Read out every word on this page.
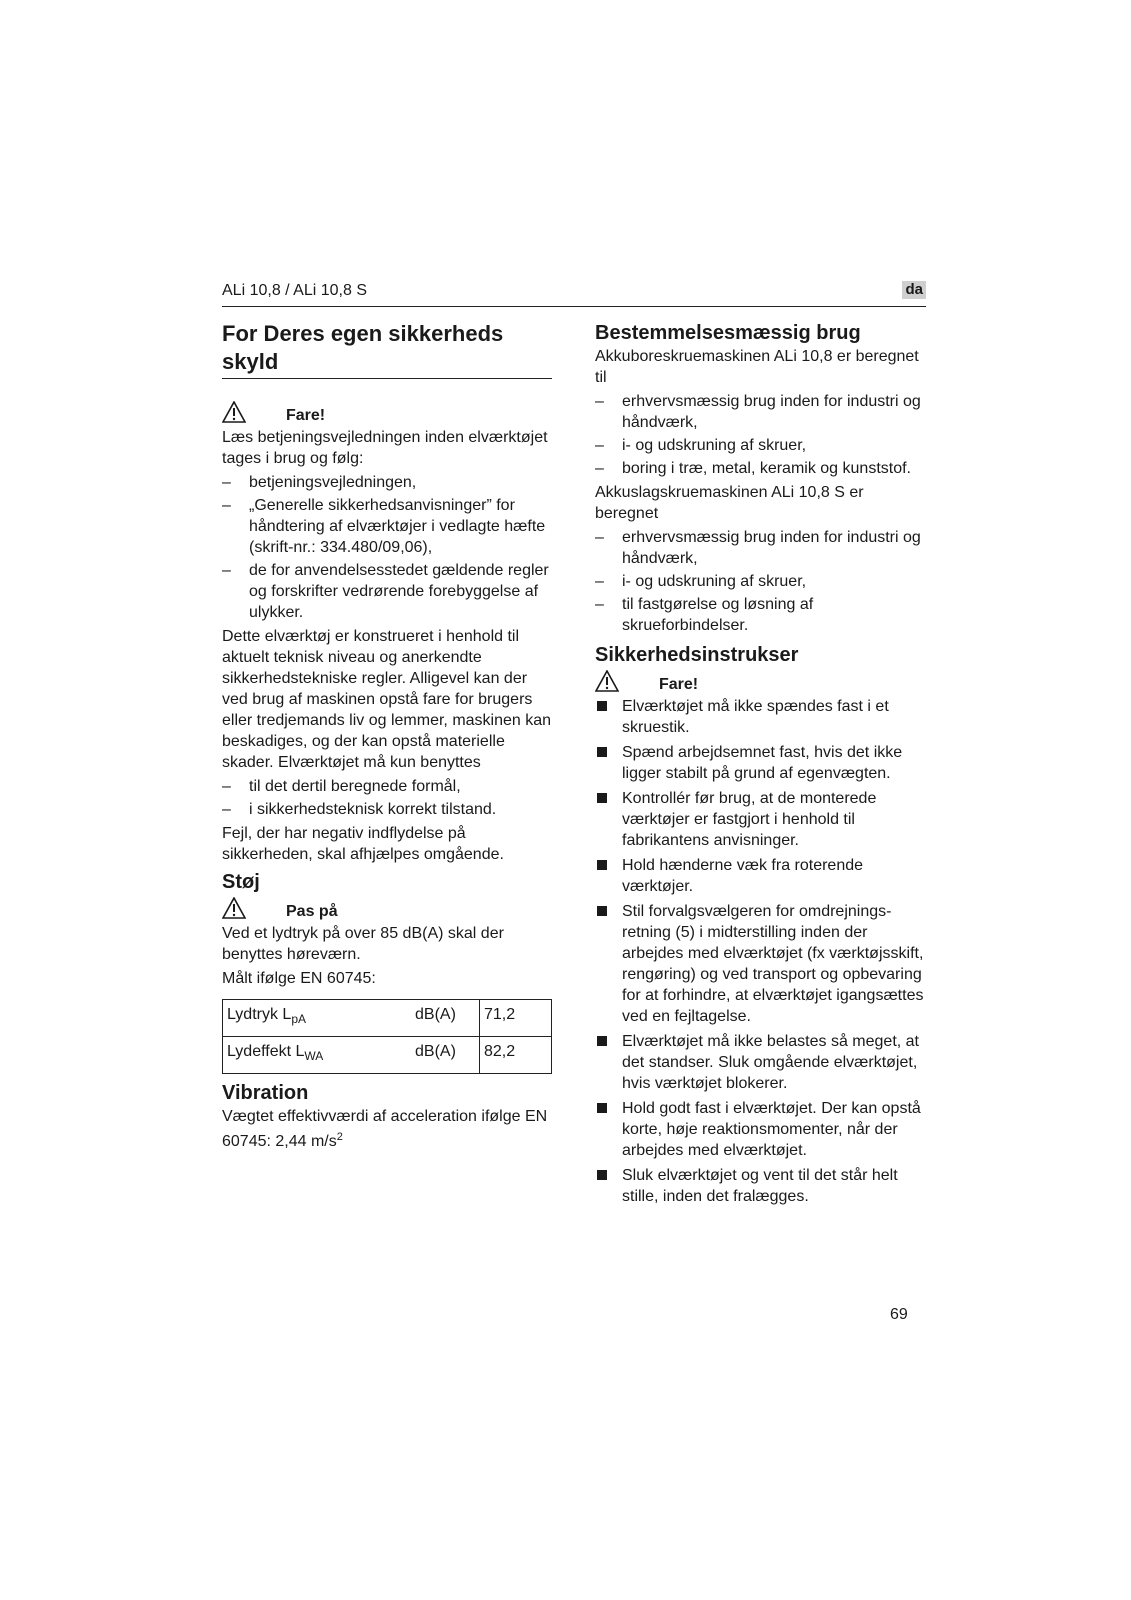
ALi 10,8 / ALi 10,8 S	da
For Deres egen sikkerheds skyld
Fare!

Læs betjeningsvejledningen inden elværktøjet tages i brug og følg:

– betjeningsvejledningen,
– „Generelle sikkerhedsanvisninger” for håndtering af elværktøjer i vedlagte hæfte (skrift-nr.: 334.480/09,06),
– de for anvendelsesstedet gældende regler og forskrifter vedrørende forebyggelse af ulykker.

Dette elværktøj er konstrueret i henhold til aktuelt teknisk niveau og anerkendte sikkerhedstekniske regler. Alligevel kan der ved brug af maskinen opstå fare for brugers eller tredjemands liv og lemmer, maskinen kan beskadiges, og der kan opstå materielle skader. Elværktøjet må kun benyttes

– til det dertil beregnede formål,
– i sikkerhedsteknisk korrekt tilstand.

Fejl, der har negativ indflydelse på sikkerheden, skal afhjælpes omgående.

Støj
Pas på

Ved et lydtryk på over 85 dB(A) skal der benyttes høreværn.

Målt ifølge EN 60745:

Lydtryk $L_{pA}$	dB(A)	71,2
Lydeffekt $L_{WA}$	dB(A)	82,2
Vibration

Vægtet effektivværdi af acceleration ifølge EN 60745: 2,44 $m/s^2$

Bestemmelsesmæssig brug

Akkuboreskruemaskinen ALi 10,8 er beregnet til

– erhvervsmæssig brug inden for industri og håndværk,
– i- og udskruning af skruer,
– boring i træ, metal, keramik og kunststof.

Akkuslagskruemaskinen ALi 10,8 S er beregnet

– erhvervsmæssig brug inden for industri og håndværk,
– i- og udskruning af skruer,
– til fastgørelse og løsning af skrueforbindelser.
Sikkerhedsinstrukser
Fare!
Elværktøjet må ikke spændes fast i et skruestik.
Spænd arbejdsemnet fast, hvis det ikke ligger stabilt på grund af egenvægten.
Kontrollér før brug, at de monterede værktøjer er fastgjort i henhold til fabrikantens anvisninger.
Hold hænderne væk fra roterende værktøjer.
Stil forvalgsvælgeren for omdrejnings-retning (5) i midterstilling inden der arbejdes med elværktøjet (fx værktøjsskift, rengøring) og ved transport og opbevaring for at forhindre, at elværktøjet igangsættes ved en fejltagelse.
Elværktøjet må ikke belastes så meget, at det standser. Sluk omgående elværktøjet, hvis værktøjet blokerer.
Hold godt fast i elværktøjet. Der kan opstå korte, høje reaktionsmomenter, når der arbejdes med elværktøjet.
Sluk elværktøjet og vent til det står helt stille, inden det fralægges.
69
